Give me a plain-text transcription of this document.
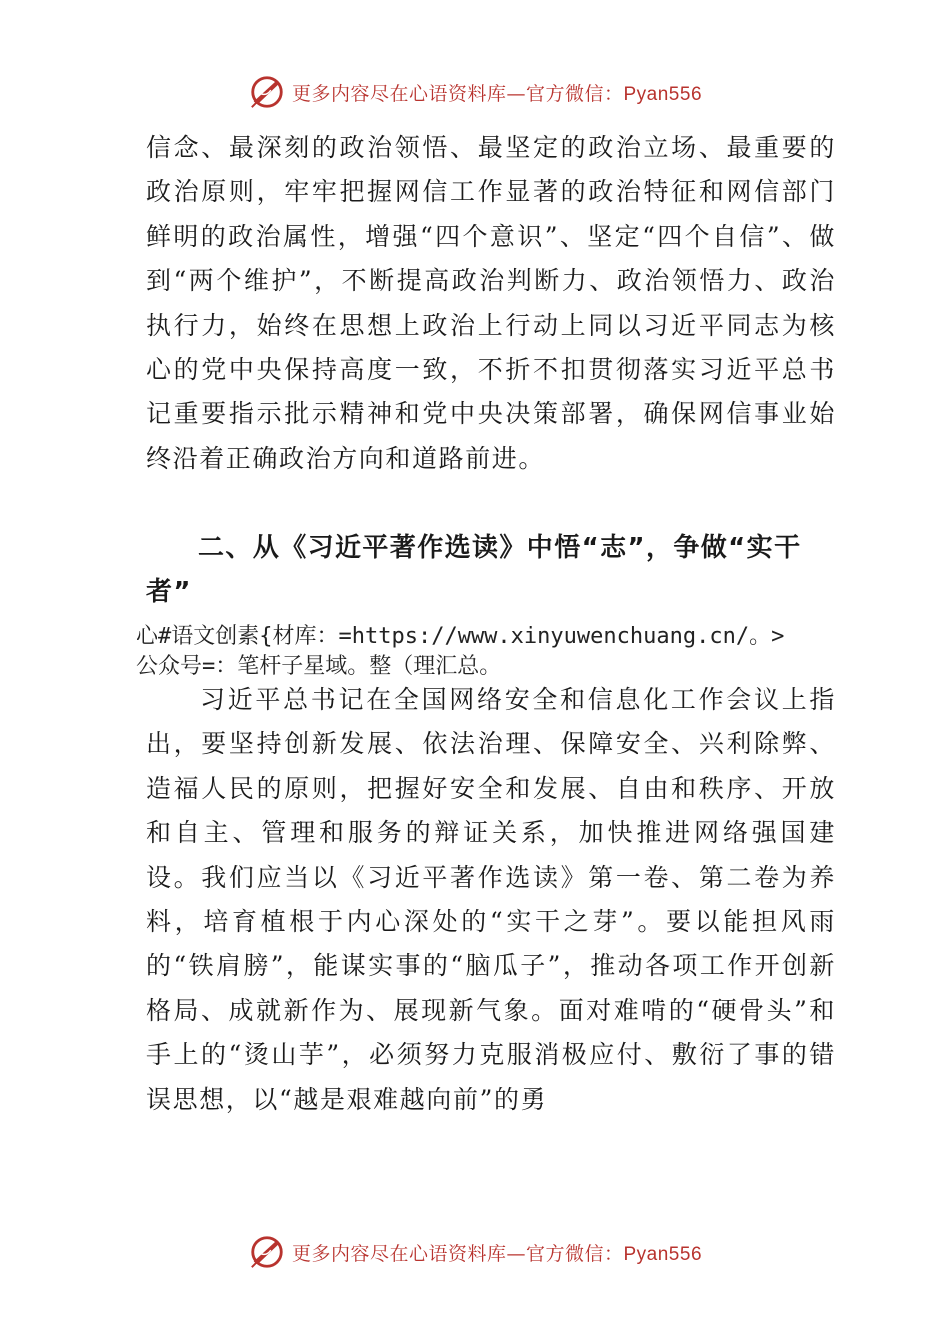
更多内容尽在心语资料库—官方微信：Pyan556

信念、最深刻的政治领悟、最坚定的政治立场、最重要的政治原则，牢牢把握网信工作显著的政治特征和网信部门鲜明的政治属性，增强“四个意识”、坚定“四个自信”、做到“两个维护”，不断提高政治判断力、政治领悟力、政治执行力，始终在思想上政治上行动上同以习近平同志为核心的党中央保持高度一致，不折不扣贯彻落实习近平总书记重要指示批示精神和党中央决策部署，确保网信事业始终沿着正确政治方向和道路前进。

二、从《习近平著作选读》中悟“志”，争做“实干者”

心#语文创素{材库：=https://www.xinyuwenchuang.cn/。>
公众号=：笔杆子星域。整（理汇总。

习近平总书记在全国网络安全和信息化工作会议上指出，要坚持创新发展、依法治理、保障安全、兴利除弊、造福人民的原则，把握好安全和发展、自由和秩序、开放和自主、管理和服务的辩证关系，加快推进网络强国建设。我们应当以《习近平著作选读》第一卷、第二卷为养料，培育植根于内心深处的“实干之芽”。要以能担风雨的“铁肩膀”，能谋实事的“脑瓜子”，推动各项工作开创新格局、成就新作为、展现新气象。面对难啃的“硬骨头”和手上的“烫山芋”，必须努力克服消极应付、敷衍了事的错误思想，以“越是艰难越向前”的勇

更多内容尽在心语资料库—官方微信：Pyan556
